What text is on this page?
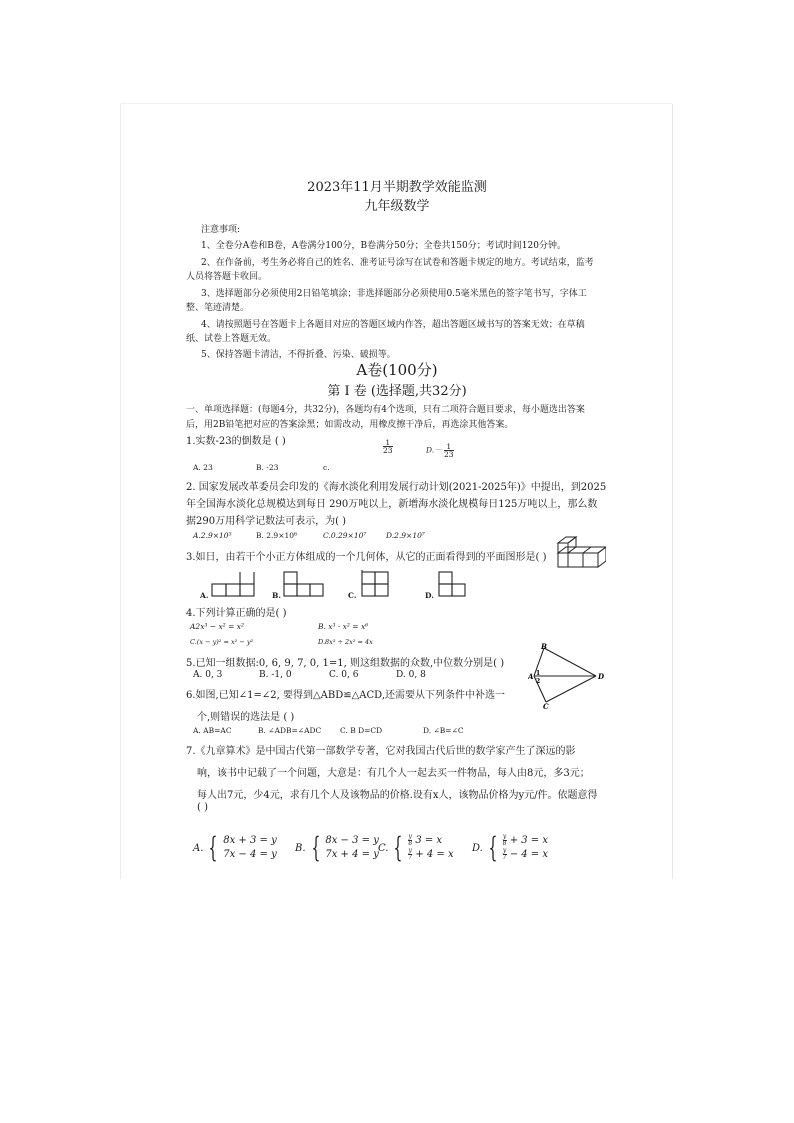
2023年11月半期教学效能监测
九年级数学
注意事项:
1、全卷分A卷和B卷，A卷满分100分，B卷满分50分；全卷共150分；考试时间120分钟。
2、在作备前，考生务必将自己的姓名、准考证号涂写在试卷和答题卡规定的地方。考试结束，监考
人员将答题卡收回。
3、选择题部分必须使用2日铅笔填涂；非选择题部分必须使用0.5毫米黑色的签字笔书写，字体工
整、笔迹清楚。
4、请按照题号在答题卡上各题目对应的答题区域内作答，超出答题区域书写的答案无效；在草稿
纸、试卷上答题无效。
5、保持答题卡清洁，不得折叠、污染、破损等。
A卷(100分)
第 Ⅰ 卷 (选择题,共32分)
一、单项选择题：(每题4分，共32分)，各题均有4个选项，只有二项符合题目要求，每小题选出答案
后，用2B铅笔把对应的答案涂黑；如需改动，用橡皮擦干净后，再选涂其他答案。
1.实数-23的倒数是 ( )	$\frac{1}{23}$	$D.- \frac{1}{23}$
A. 23	B. -23	c.
2. 国家发展改革委员会印发的《海水淡化利用发展行动计划(2021-2025年)》中提出，到2025
年全国海水淡化总规模达到每日 290万吨以上，新增海水淡化规模每日125万吨以上，那么数
据290万用科学记数法可表示，为( )
A.2.9×10⁵	B. 2.9×10⁶	C.0.29×10⁷	D.2.9×10⁷
3.如日，由若干个小正方体组成的一个几何体，从它的正面看得到的平面图形是( )
A.	B.	C.	D.
4.下列计算正确的是( )
A2x³ − x² = x²	B. x³ · x² = x⁶
C.(x − y)² = x² − y²	D.8x³ ÷ 2x² = 4x
5.已知一组数据:0, 6, 9, 7, 0, 1=1, 则这组数据的众数,中位数分别是( )
A. 0, 3	B. -1, 0	C. 0, 6	D. 0, 8
B
A
C
D
1
2
6.如图,已知∠1=∠2, 要得到△ABD≌△ACD,还需要从下列条件中补选一
个,则错误的选法是 ( )
A. AB=AC	B. ∠ADB=∠ADC	C. B D=CD	D. ∠B=∠C
7.《九章算术》是中国古代第一部数学专著，它对我国古代后世的数学家产生了深远的影
响，该书中记载了一个问题，大意是：有几个人一起去买一件物品，每人由8元，多3元；
每人出7元，少4元，求有几个人及该物品的价格.设有x人，该物品价格为y元/件。依题意得
( )
A. { 8x + 3 = y
7x − 4 = y
B. { 8x − 3 = y
7x + 4 = y
C. { $\frac{y}{8} 3 = x$
$\frac{y}{7} + 4 = x$
D. { $\frac{y}{8} + 3 = x$
$\frac{y}{7} - 4 = x$
